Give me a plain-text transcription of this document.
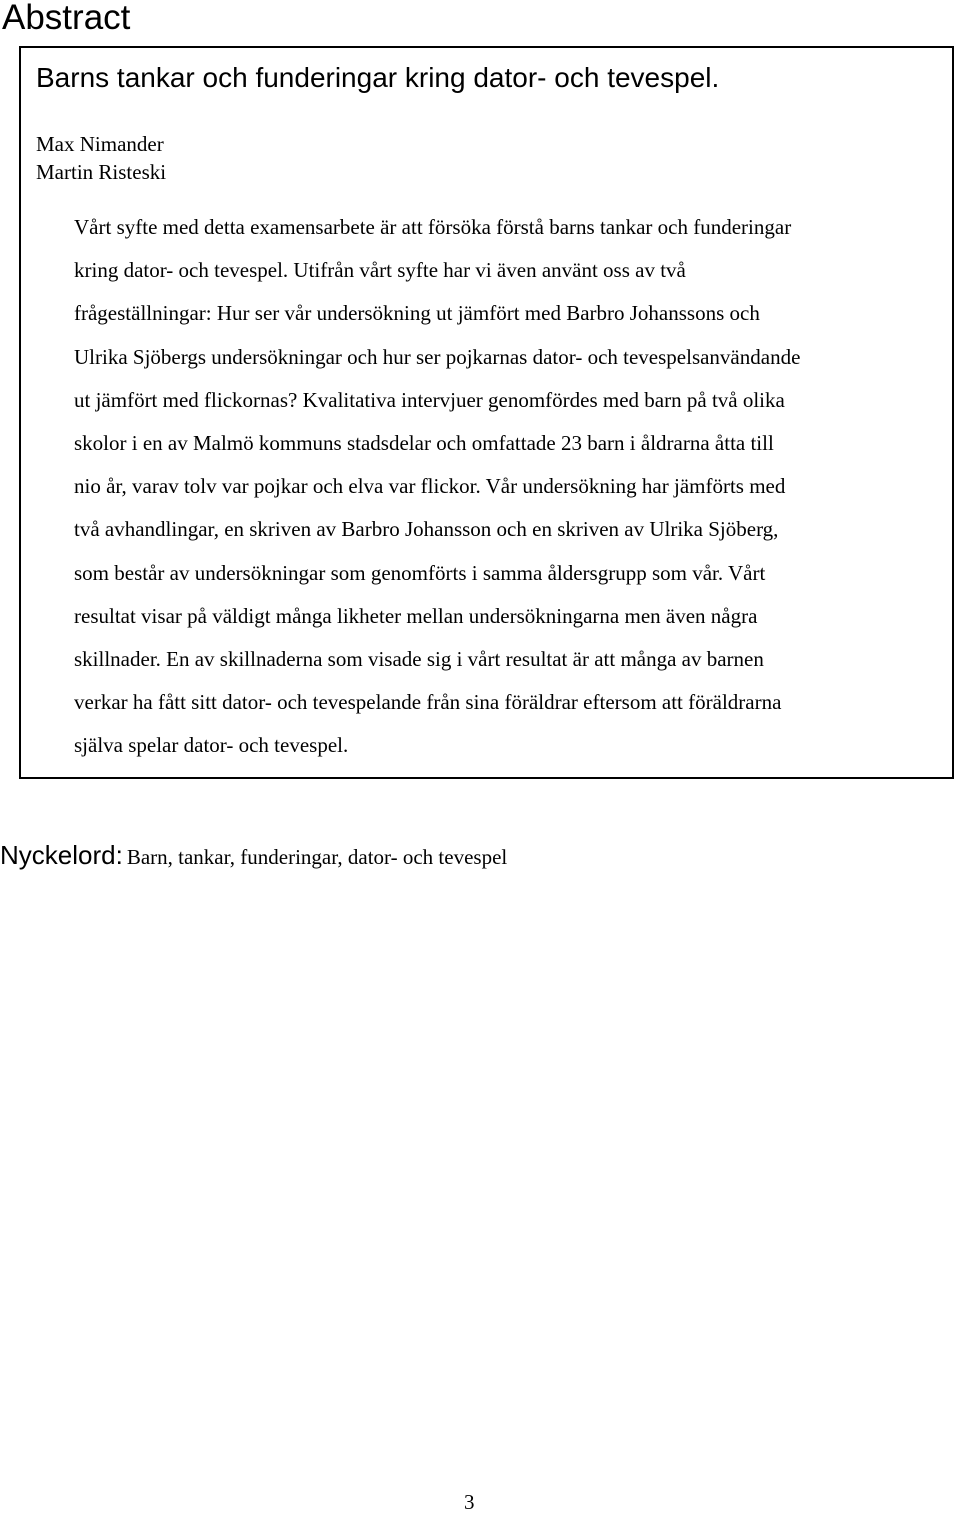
Abstract
Barns tankar och funderingar kring dator- och tevespel.
Max Nimander
Martin Risteski

Vårt syfte med detta examensarbete är att försöka förstå barns tankar och funderingar
kring dator- och tevespel. Utifrån vårt syfte har vi även använt oss av två
frågeställningar: Hur ser vår undersökning ut jämfört med Barbro Johanssons och
Ulrika Sjöbergs undersökningar och hur ser pojkarnas dator- och tevespelsanvändande
ut jämfört med flickornas? Kvalitativa intervjuer genomfördes med barn på två olika
skolor i en av Malmö kommuns stadsdelar och omfattade 23 barn i åldrarna åtta till
nio år, varav tolv var pojkar och elva var flickor. Vår undersökning har jämförts med
två avhandlingar, en skriven av Barbro Johansson och en skriven av Ulrika Sjöberg,
som består av undersökningar som genomförts i samma åldersgrupp som vår. Vårt
resultat visar på väldigt många likheter mellan undersökningarna men även några
skillnader. En av skillnaderna som visade sig i vårt resultat är att många av barnen
verkar ha fått sitt dator- och tevespelande från sina föräldrar eftersom att föräldrarna
själva spelar dator- och tevespel.

Nyckelord: Barn, tankar, funderingar, dator- och tevespel

3
